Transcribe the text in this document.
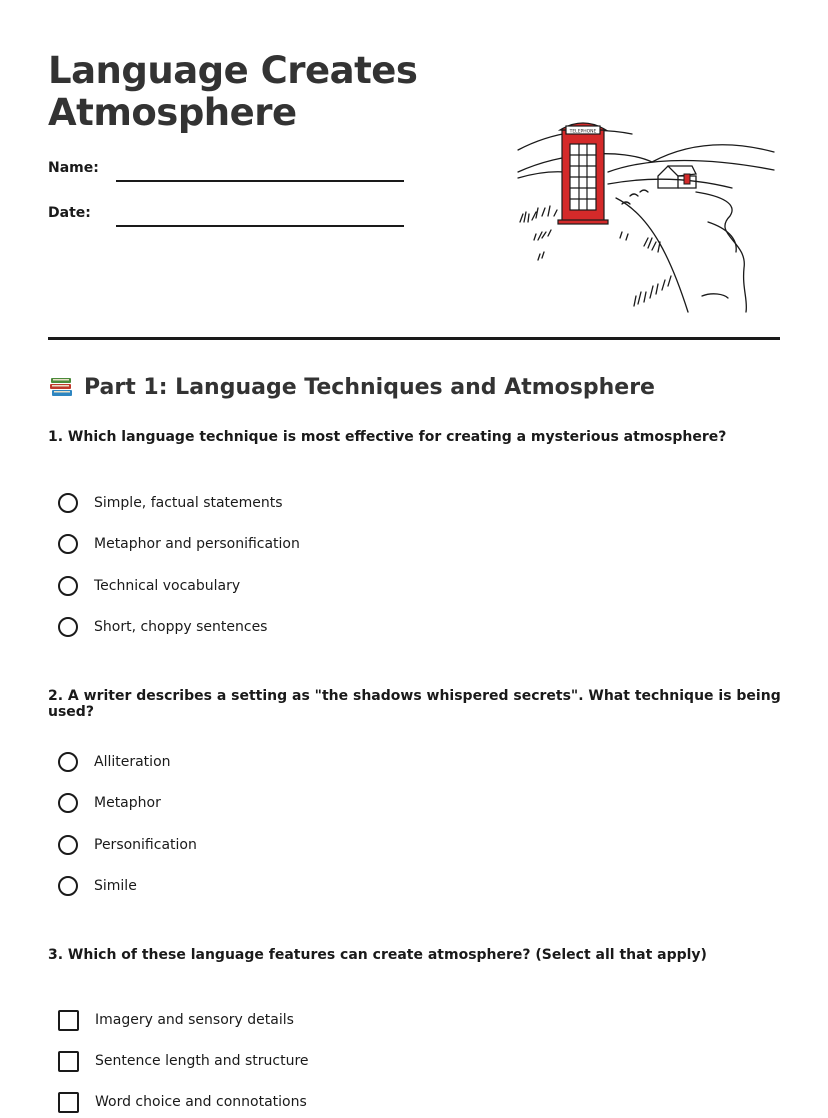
Language Creates Atmosphere
Name:
Date:
TELEPHONE
Part 1: Language Techniques and Atmosphere

1. Which language technique is most effective for creating a mysterious atmosphere?

Simple, factual statements
Metaphor and personification
Technical vocabulary
Short, choppy sentences

2. A writer describes a setting as "the shadows whispered secrets". What technique is being used?

Alliteration
Metaphor
Personification
Simile

3. Which of these language features can create atmosphere? (Select all that apply)

Imagery and sensory details
Sentence length and structure
Word choice and connotations
